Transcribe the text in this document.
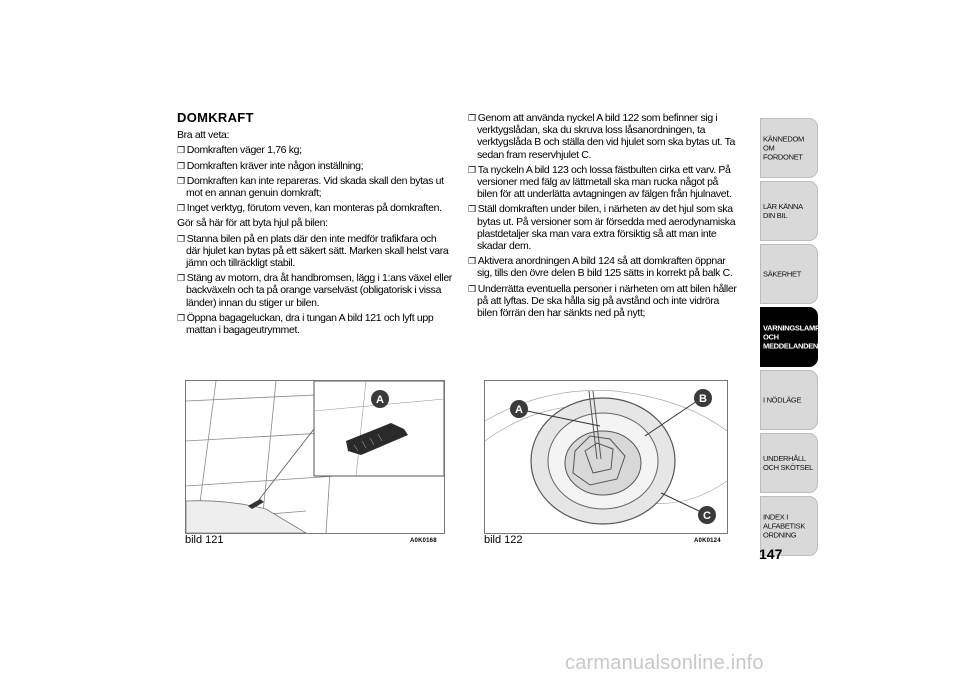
DOMKRAFT

Bra att veta:

❒ Domkraften väger 1,76 kg;

❒ Domkraften kräver inte någon inställning;

❒ Domkraften kan inte repareras. Vid skada skall den bytas ut mot en annan genuin domkraft;

❒ Inget verktyg, förutom veven, kan monteras på domkraften.

Gör så här för att byta hjul på bilen:

❒ Stanna bilen på en plats där den inte medför trafikfara och där hjulet kan bytas på ett säkert sätt. Marken skall helst vara jämn och tillräckligt stabil.

❒ Stäng av motorn, dra åt handbromsen, lägg i 1:ans växel eller backväxeln och ta på orange varselväst (obligatorisk i vissa länder) innan du stiger ur bilen.

❒ Öppna bagageluckan, dra i tungan A bild 121 och lyft upp mattan i bagageutrymmet.

❒ Genom att använda nyckel A bild 122 som befinner sig i verktygslådan, ska du skruva loss låsanordningen, ta verktygslåda B och ställa den vid hjulet som ska bytas ut. Ta sedan fram reservhjulet C.

❒ Ta nyckeln A bild 123 och lossa fästbulten cirka ett varv. På versioner med fälg av lättmetall ska man rucka något på bilen för att underlätta avtagningen av fälgen från hjulnavet.

❒ Ställ domkraften under bilen, i närheten av det hjul som ska bytas ut. På versioner som är försedda med aerodynamiska plastdetaljer ska man vara extra försiktig så att man inte skadar dem.

❒ Aktivera anordningen A bild 124 så att domkraften öppnar sig, tills den övre delen B bild 125 sätts in korrekt på balk C.

❒ Underrätta eventuella personer i närheten om att bilen håller på att lyftas. De ska hålla sig på avstånd och inte vidröra bilen förrän den har sänkts ned på nytt;

A
bild 121	A0K0168
A
B
C
bild 122	A0K0124
KÄNNEDOM OM FORDONET
LÄR KÄNNA DIN BIL
SÄKERHET
VARNINGSLAMPOR OCH MEDDELANDEN
I NÖDLÄGE
UNDERHÅLL OCH SKÖTSEL
INDEX I ALFABETISK ORDNING
147
carmanualsonline.info
